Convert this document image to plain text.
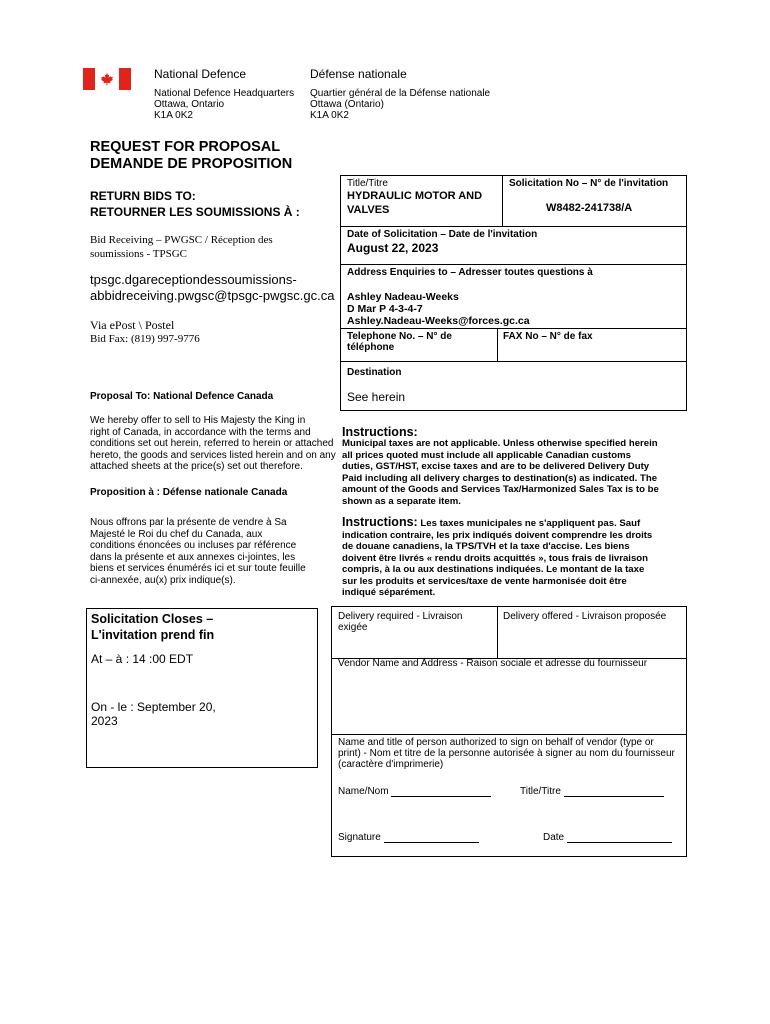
National Defence	Défense nationale
National Defence Headquarters
Ottawa, Ontario
K1A 0K2
Quartier général de la Défense nationale
Ottawa (Ontario)
K1A 0K2
REQUEST FOR PROPOSAL
DEMANDE DE PROPOSITION
RETURN BIDS TO:
RETOURNER LES SOUMISSIONS À :
Bid Receiving – PWGSC / Réception des
soumissions - TPSGC
tpsgc.dgareceptiondessoumissions-
abbidreceiving.pwgsc@tpsgc-pwgsc.gc.ca
Via ePost \ Postel
Bid Fax: (819) 997-9776
Proposal To: National Defence Canada
We hereby offer to sell to His Majesty the King in
right of Canada, in accordance with the terms and
conditions set out herein, referred to herein or attached
hereto, the goods and services listed herein and on any
attached sheets at the price(s) set out therefore.
Proposition à : Défense nationale Canada
Nous offrons par la présente de vendre à Sa
Majesté le Roi du chef du Canada, aux
conditions énoncées ou incluses par référence
dans la présente et aux annexes ci-jointes, les
biens et services énumérés ici et sur toute feuille
ci-annexée, au(x) prix indique(s).
Solicitation Closes –
L'invitation prend fin
At – à : 14 :00 EDT
On - le : September 20,
2023
Title/Titre
HYDRAULIC MOTOR AND
VALVES
Solicitation No – N° de l'invitation
W8482-241738/A
Date of Solicitation – Date de l'invitation
August 22, 2023
Address Enquiries to – Adresser toutes questions à
Ashley Nadeau-Weeks
D Mar P 4-3-4-7
Ashley.Nadeau-Weeks@forces.gc.ca
Telephone No. – N° de
téléphone
FAX No – N° de fax
Destination
See herein
Instructions:
Municipal taxes are not applicable. Unless otherwise specified herein
all prices quoted must include all applicable Canadian customs
duties, GST/HST, excise taxes and are to be delivered Delivery Duty
Paid including all delivery charges to destination(s) as indicated. The
amount of the Goods and Services Tax/Harmonized Sales Tax is to be
shown as a separate item.
Instructions: Les taxes municipales ne s'appliquent pas. Sauf
indication contraire, les prix indiqués doivent comprendre les droits
de douane canadiens, la TPS/TVH et la taxe d'accise. Les biens
doivent être livrés « rendu droits acquittés », tous frais de livraison
compris, à la ou aux destinations indiquées. Le montant de la taxe
sur les produits et services/taxe de vente harmonisée doit être
indiqué séparément.
Delivery required - Livraison
exigée
Delivery offered - Livraison proposée
Vendor Name and Address - Raison sociale et adresse du fournisseur
Name and title of person authorized to sign on behalf of vendor (type or
print) - Nom et titre de la personne autorisée à signer au nom du fournisseur
(caractère d'imprimerie)
Name/Nom	Title/Titre
Signature	Date
